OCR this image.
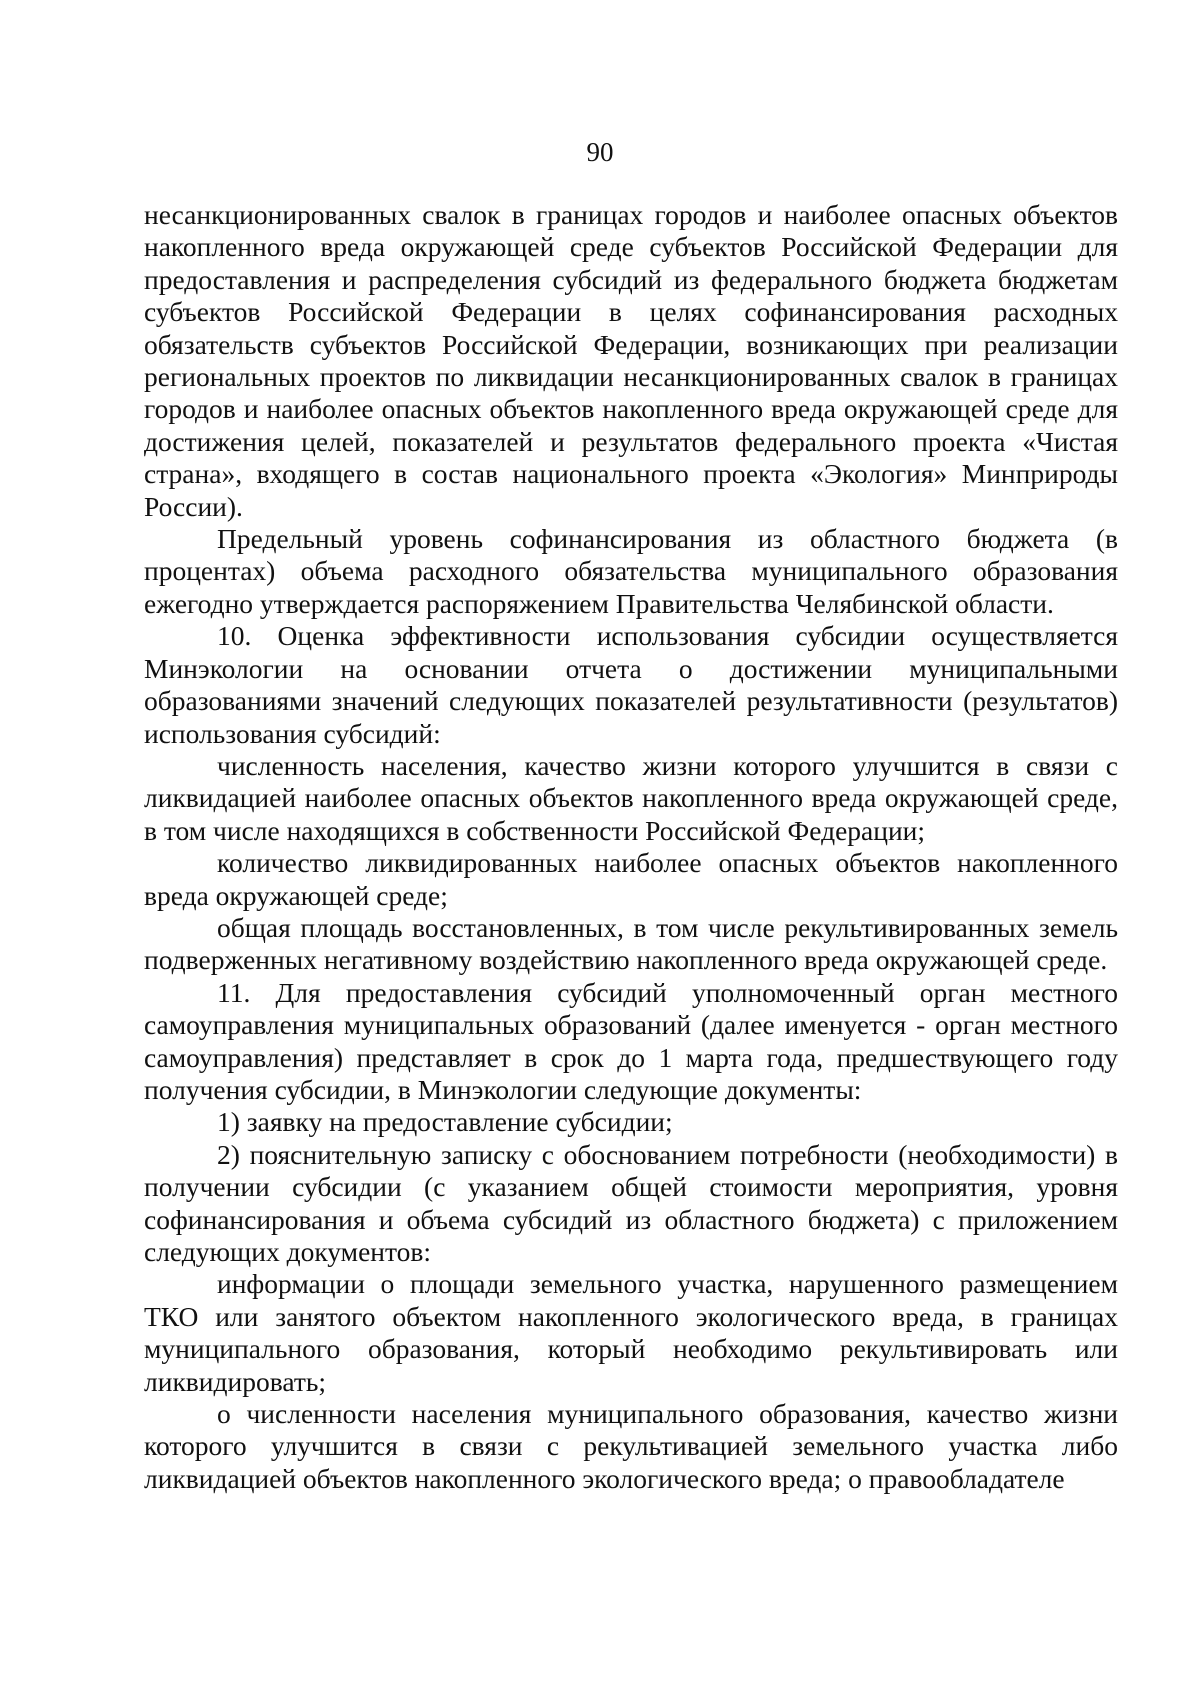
90

несанкционированных свалок в границах городов и наиболее опасных объектов накопленного вреда окружающей среде субъектов Российской Федерации для предоставления и распределения субсидий из федерального бюджета бюджетам субъектов Российской Федерации в целях софинансирования расходных обязательств субъектов Российской Федерации, возникающих при реализации региональных проектов по ликвидации несанкционированных свалок в границах городов и наиболее опасных объектов накопленного вреда окружающей среде для достижения целей, показателей и результатов федерального проекта «Чистая страна», входящего в состав национального проекта «Экология» Минприроды России).

Предельный уровень софинансирования из областного бюджета (в процентах) объема расходного обязательства муниципального образования ежегодно утверждается распоряжением Правительства Челябинской области.

10. Оценка эффективности использования субсидии осуществляется Минэкологии на основании отчета о достижении муниципальными образованиями значений следующих показателей результативности (результатов) использования субсидий:

численность населения, качество жизни которого улучшится в связи с ликвидацией наиболее опасных объектов накопленного вреда окружающей среде, в том числе находящихся в собственности Российской Федерации;

количество ликвидированных наиболее опасных объектов накопленного вреда окружающей среде;

общая площадь восстановленных, в том числе рекультивированных земель подверженных негативному воздействию накопленного вреда окружающей среде.

11. Для предоставления субсидий уполномоченный орган местного самоуправления муниципальных образований (далее именуется - орган местного самоуправления) представляет в срок до 1 марта года, предшествующего году получения субсидии, в Минэкологии следующие документы:

1) заявку на предоставление субсидии;

2) пояснительную записку с обоснованием потребности (необходимости) в получении субсидии (с указанием общей стоимости мероприятия, уровня софинансирования и объема субсидий из областного бюджета) с приложением следующих документов:

информации о площади земельного участка, нарушенного размещением ТКО или занятого объектом накопленного экологического вреда, в границах муниципального образования, который необходимо рекультивировать или ликвидировать;

о численности населения муниципального образования, качество жизни которого улучшится в связи с рекультивацией земельного участка либо ликвидацией объектов накопленного экологического вреда; о правообладателе
